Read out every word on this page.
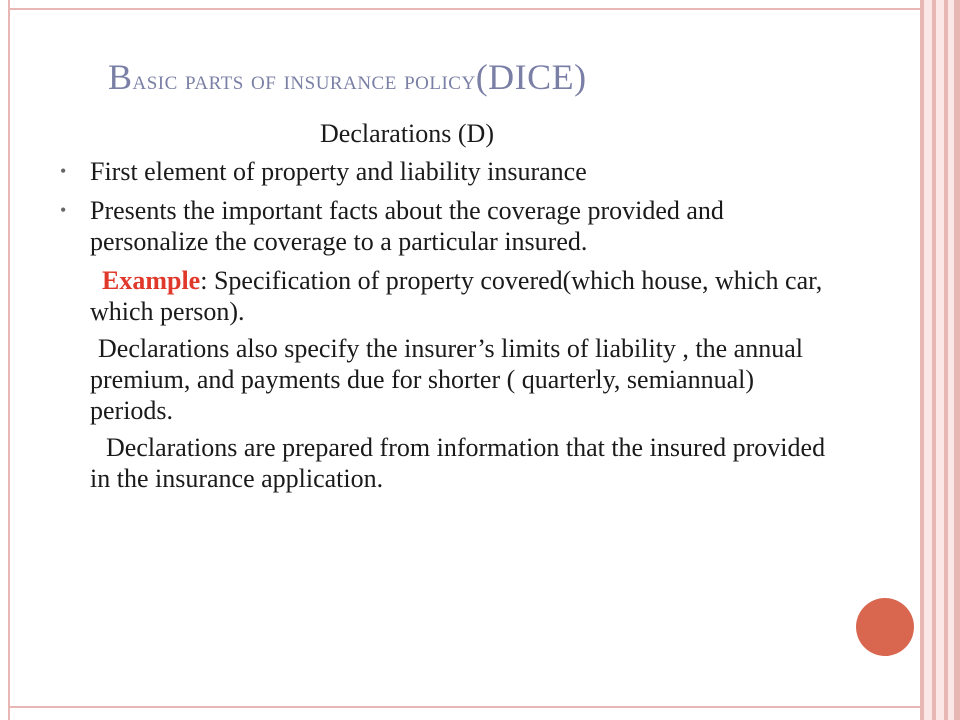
Basic parts of insurance policy(DICE)
Declarations (D)
• First element of property and liability insurance
• Presents the important facts about the coverage provided and personalize the coverage to a particular insured.
Example: Specification of property covered(which house, which car, which person).
Declarations also specify the insurer’s limits of liability , the annual premium, and payments due for shorter ( quarterly, semiannual) periods.
Declarations are prepared from information that the insured provided in the insurance application.
